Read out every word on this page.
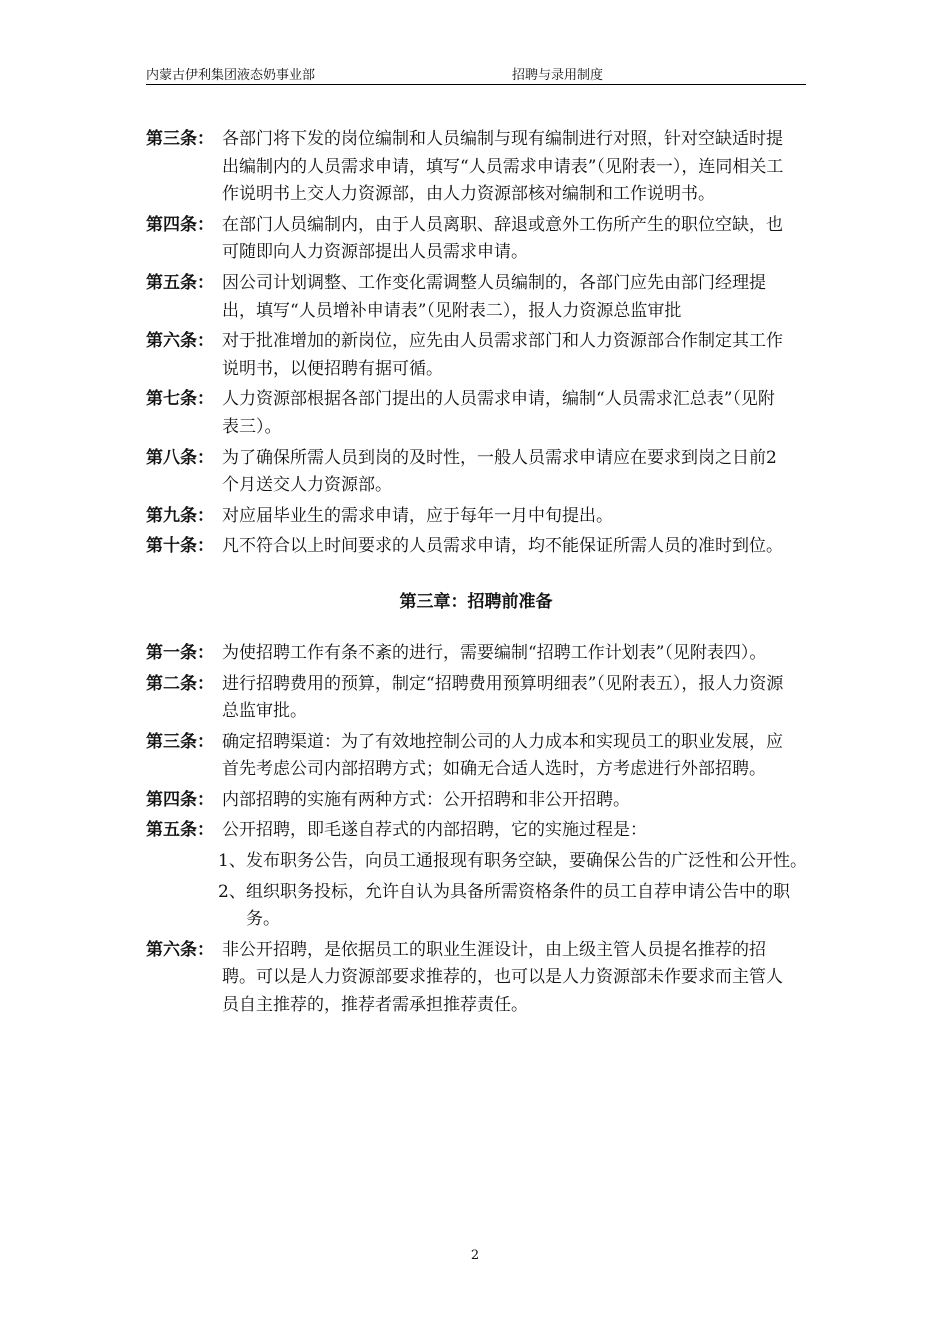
内蒙古伊利集团液态奶事业部	招聘与录用制度
第三条： 各部门将下发的岗位编制和人员编制与现有编制进行对照，针对空缺适时提出编制内的人员需求申请，填写“人员需求申请表”（见附表一），连同相关工作说明书上交人力资源部，由人力资源部核对编制和工作说明书。
第四条： 在部门人员编制内，由于人员离职、辞退或意外工伤所产生的职位空缺，也可随即向人力资源部提出人员需求申请。
第五条： 因公司计划调整、工作变化需调整人员编制的，各部门应先由部门经理提出，填写“人员增补申请表”（见附表二），报人力资源总监审批
第六条： 对于批准增加的新岗位，应先由人员需求部门和人力资源部合作制定其工作说明书，以便招聘有据可循。
第七条： 人力资源部根据各部门提出的人员需求申请，编制“人员需求汇总表”（见附表三）。
第八条： 为了确保所需人员到岗的及时性，一般人员需求申请应在要求到岗之日前2个月送交人力资源部。
第九条： 对应届毕业生的需求申请，应于每年一月中旬提出。
第十条： 凡不符合以上时间要求的人员需求申请，均不能保证所需人员的准时到位。
第三章：招聘前准备
第一条： 为使招聘工作有条不紊的进行，需要编制“招聘工作计划表”（见附表四）。
第二条： 进行招聘费用的预算，制定“招聘费用预算明细表”（见附表五），报人力资源总监审批。
第三条： 确定招聘渠道：为了有效地控制公司的人力成本和实现员工的职业发展，应首先考虑公司内部招聘方式；如确无合适人选时，方考虑进行外部招聘。
第四条： 内部招聘的实施有两种方式：公开招聘和非公开招聘。
第五条： 公开招聘，即毛遂自荐式的内部招聘，它的实施过程是：
1、 发布职务公告，向员工通报现有职务空缺，要确保公告的广泛性和公开性。
2、 组织职务投标，允许自认为具备所需资格条件的员工自荐申请公告中的职务。
第六条： 非公开招聘，是依据员工的职业生涯设计，由上级主管人员提名推荐的招聘。可以是人力资源部要求推荐的，也可以是人力资源部未作要求而主管人员自主推荐的，推荐者需承担推荐责任。
2
